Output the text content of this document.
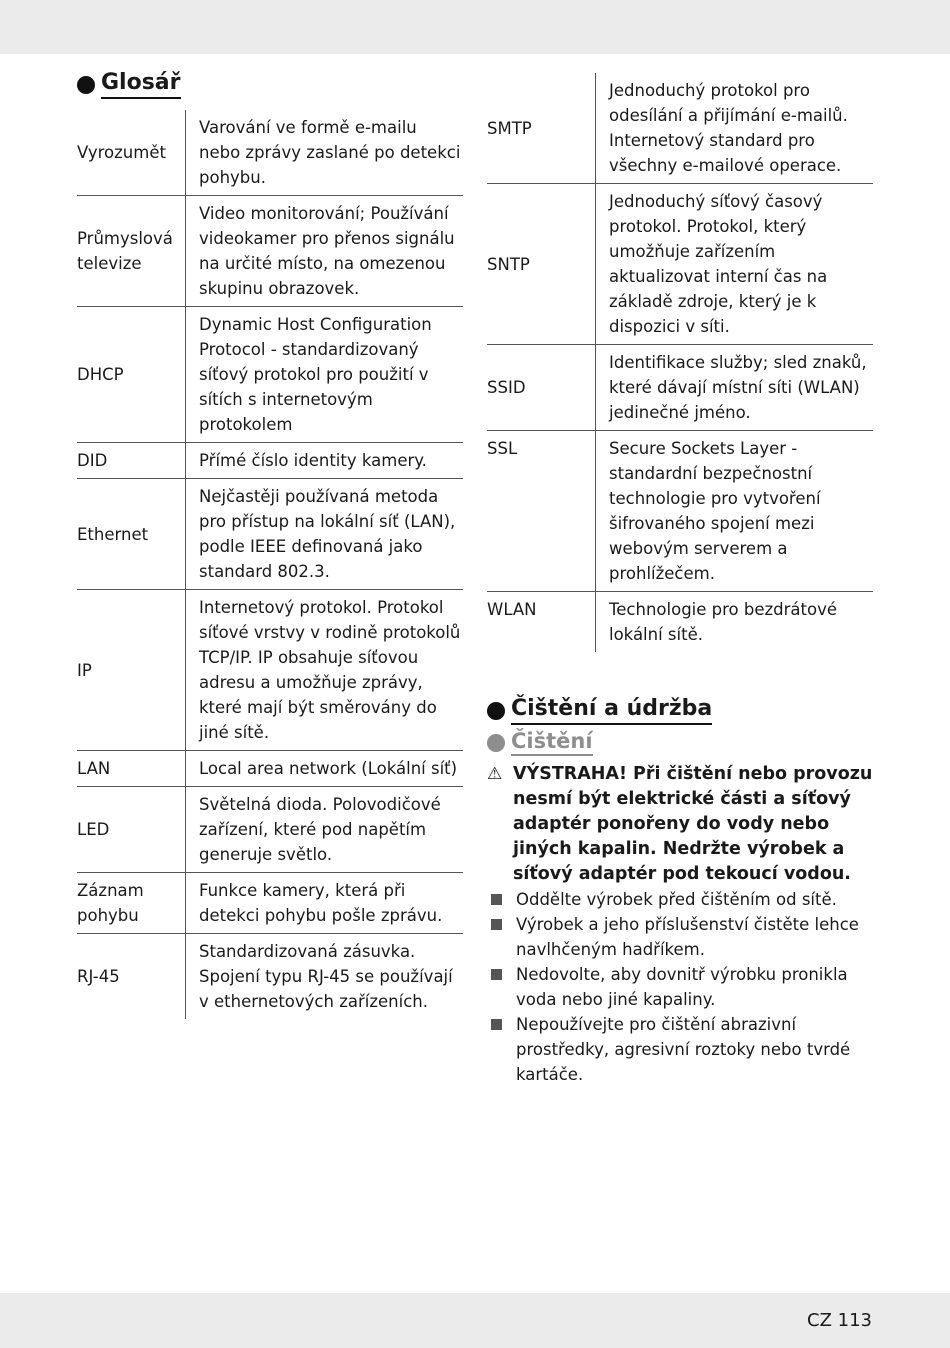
Glosář
Vyrozumět	Varování ve formě e-mailu nebo zprávy zaslané po detekci pohybu.
Průmyslová televize	Video monitorování; Používání videokamer pro přenos signálu na určité místo, na omezenou skupinu obrazovek.
DHCP	Dynamic Host Configuration Protocol - standardizovaný síťový protokol pro použití v sítích s internetovým protokolem
DID	Přímé číslo identity kamery.
Ethernet	Nejčastěji používaná metoda pro přístup na lokální síť (LAN), podle IEEE definovaná jako standard 802.3.
IP	Internetový protokol. Protokol síťové vrstvy v rodině protokolů TCP/IP. IP obsahuje síťovou adresu a umožňuje zprávy, které mají být směrovány do jiné sítě.
LAN	Local area network (Lokální síť)
LED	Světelná dioda. Polovodičové zařízení, které pod napětím generuje světlo.
Záznam pohybu	Funkce kamery, která při detekci pohybu pošle zprávu.
RJ-45	Standardizovaná zásuvka. Spojení typu RJ-45 se používají v ethernetových zařízeních.
SMTP	Jednoduchý protokol pro odesílání a přijímání e-mailů. Internetový standard pro všechny e-mailové operace.
SNTP	Jednoduchý síťový časový protokol. Protokol, který umožňuje zařízením aktualizovat interní čas na základě zdroje, který je k dispozici v síti.
SSID	Identifikace služby; sled znaků, které dávají místní síti (WLAN) jedinečné jméno.
SSL	Secure Sockets Layer - standardní bezpečnostní technologie pro vytvoření šifrovaného spojení mezi webovým serverem a prohlížečem.
WLAN	Technologie pro bezdrátové lokální sítě.
Čištění a údržba
Čištění
⚠ VÝSTRAHA! Při čištění nebo provozu nesmí být elektrické části a síťový adaptér ponořeny do vody nebo jiných kapalin. Nedržte výrobek a síťový adaptér pod tekoucí vodou.
Oddělte výrobek před čištěním od sítě.
Výrobek a jeho příslušenství čistěte lehce navlhčeným hadříkem.
Nedovolte, aby dovnitř výrobku pronikla voda nebo jiné kapaliny.
Nepoužívejte pro čištění abrazivní prostředky, agresivní roztoky nebo tvrdé kartáče.
CZ 113
